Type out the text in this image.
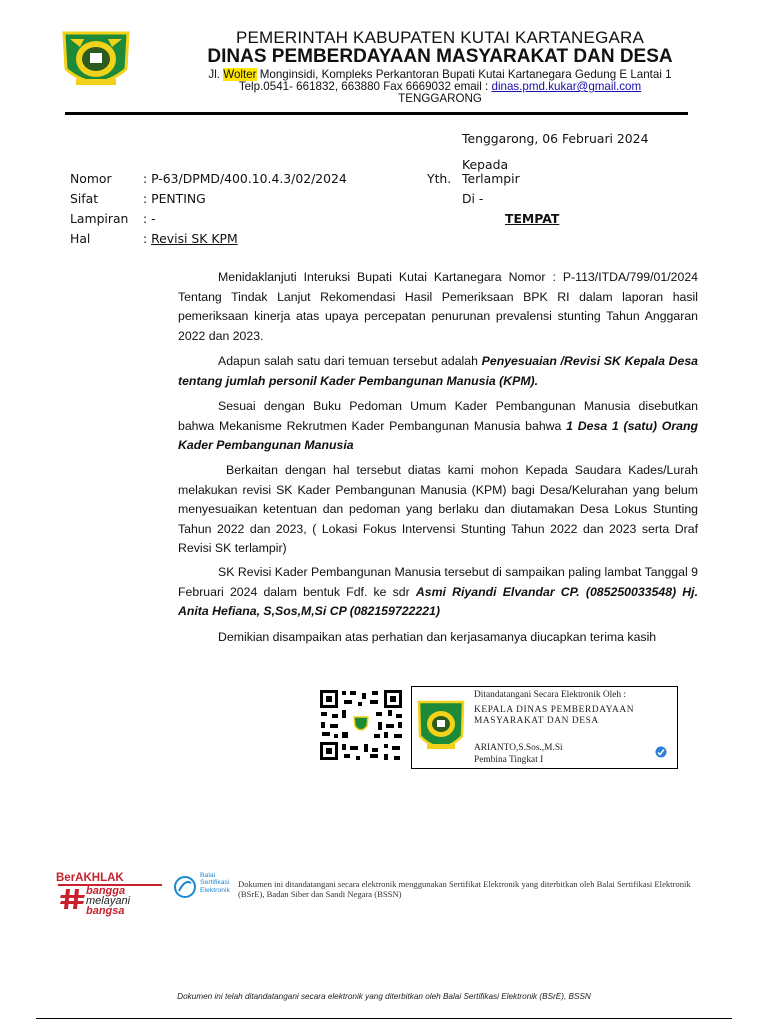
PEMERINTAH KABUPATEN KUTAI KARTANEGARA
DINAS PEMBERDAYAAN MASYARAKAT DAN DESA
Jl. Wolter Monginsidi, Kompleks Perkantoran Bupati Kutai Kartanegara Gedung E Lantai 1
Telp.0541- 661832, 663880 Fax 6669032 email : dinas.pmd.kukar@gmail.com
TENGGARONG
Tenggarong, 06 Februari 2024
Kepada
Yth. Terlampir
Di -
TEMPAT
Nomor	: P-63/DPMD/400.10.4.3/02/2024
Sifat	: PENTING
Lampiran : -
Hal	: Revisi SK KPM
Menidaklanjuti Interuksi Bupati Kutai Kartanegara Nomor : P-113/ITDA/799/01/2024 Tentang Tindak Lanjut Rekomendasi Hasil Pemeriksaan BPK RI dalam laporan hasil pemeriksaan kinerja atas upaya percepatan penurunan prevalensi stunting Tahun Anggaran 2022 dan 2023.
Adapun salah satu dari temuan tersebut adalah Penyesuaian /Revisi SK Kepala Desa tentang jumlah personil Kader Pembangunan Manusia (KPM).
Sesuai dengan Buku Pedoman Umum Kader Pembangunan Manusia disebutkan bahwa Mekanisme Rekrutmen Kader Pembangunan Manusia bahwa 1 Desa 1 (satu) Orang Kader Pembangunan Manusia
Berkaitan dengan hal tersebut diatas kami mohon Kepada Saudara Kades/Lurah melakukan revisi SK Kader Pembangunan Manusia (KPM) bagi Desa/Kelurahan yang belum menyesuaikan ketentuan dan pedoman yang berlaku dan diutamakan Desa Lokus Stunting Tahun 2022 dan 2023, ( Lokasi Fokus Intervensi Stunting Tahun 2022 dan 2023 serta Draf Revisi SK terlampir)
SK Revisi Kader Pembangunan Manusia tersebut di sampaikan paling lambat Tanggal 9 Februari 2024 dalam bentuk Fdf. ke sdr Asmi Riyandi Elvandar CP. (085250033548) Hj. Anita Hefiana, S,Sos,M,Si CP (082159722221)
Demikian disampaikan atas perhatian dan kerjasamanya diucapkan terima kasih
Ditandatangani Secara Elektronik Oleh :
KEPALA DINAS PEMBERDAYAAN
MASYARAKAT DAN DESA
ARIANTO,S.Sos.,M.Si
Pembina Tingkat I
BerAKHLAK
bangga
melayani
bangsa
Balai
Sertifikasi
Elektronik
Dokumen ini ditandatangani secara elektronik menggunakan Sertifikat Elektronik yang diterbitkan oleh Balai Sertifikasi Elektronik (BSrE), Badan Siber dan Sandi Negara (BSSN)
Dokumen ini telah ditandatangani secara elektronik yang diterbitkan oleh Balai Sertifikasi Elektronik (BSrE), BSSN
